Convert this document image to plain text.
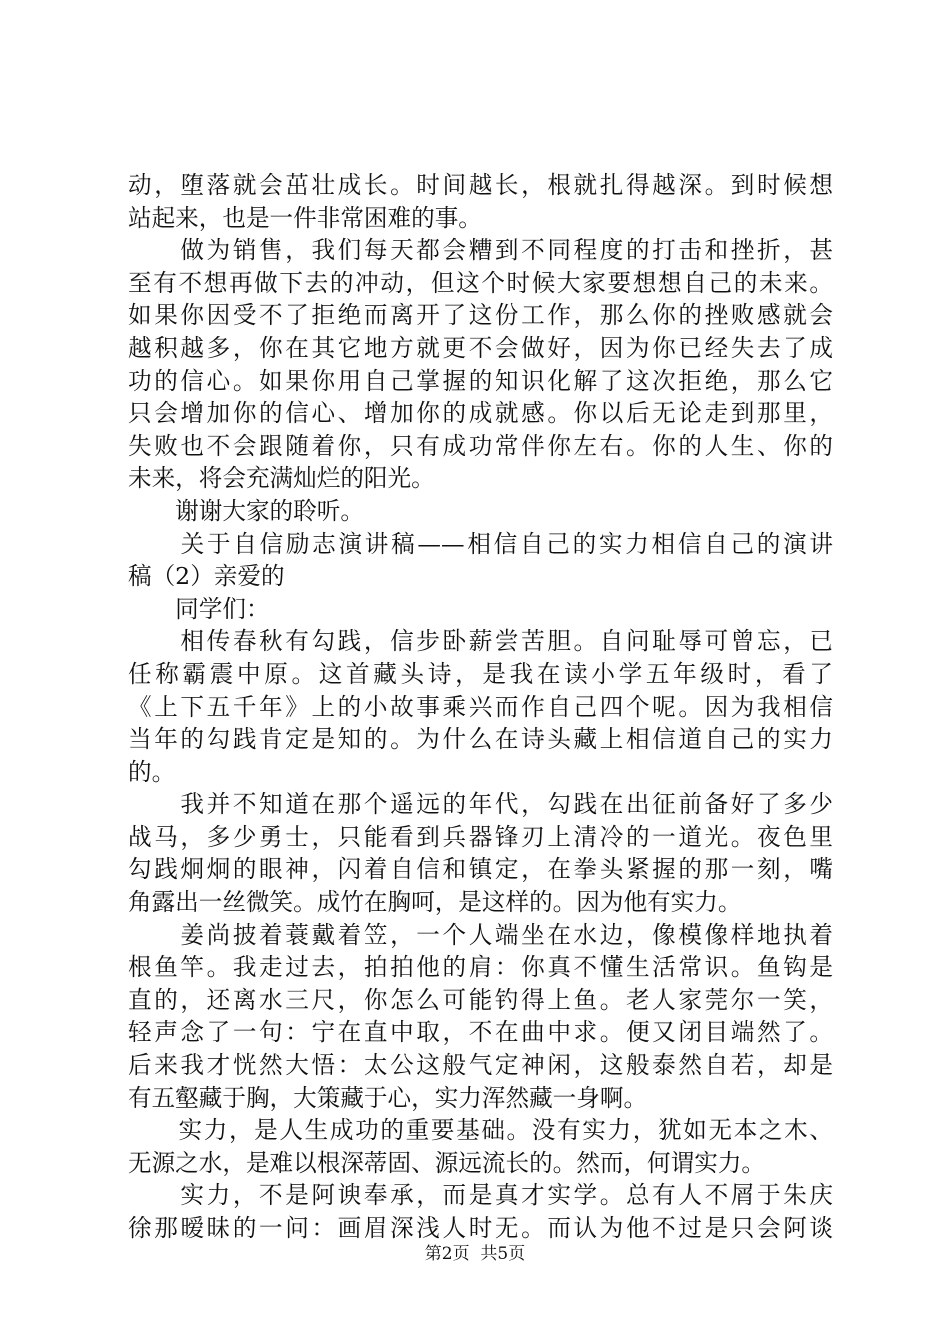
动，堕落就会茁壮成长。时间越长，根就扎得越深。到时候想
站起来，也是一件非常困难的事。
　　做为销售，我们每天都会糟到不同程度的打击和挫折，甚
至有不想再做下去的冲动，但这个时候大家要想想自己的未来。
如果你因受不了拒绝而离开了这份工作，那么你的挫败感就会
越积越多，你在其它地方就更不会做好，因为你已经失去了成
功的信心。如果你用自己掌握的知识化解了这次拒绝，那么它
只会增加你的信心、增加你的成就感。你以后无论走到那里，
失败也不会跟随着你，只有成功常伴你左右。你的人生、你的
未来，将会充满灿烂的阳光。
　　谢谢大家的聆听。
　　关于自信励志演讲稿——相信自己的实力相信自己的演讲
稿（2）亲爱的
　　同学们：
　　相传春秋有勾践，信步卧薪尝苦胆。自问耻辱可曾忘，已
任称霸震中原。这首藏头诗，是我在读小学五年级时，看了
《上下五千年》上的小故事乘兴而作自己四个呢。因为我相信
当年的勾践肯定是知的。为什么在诗头藏上相信道自己的实力
的。
　　我并不知道在那个遥远的年代，勾践在出征前备好了多少
战马，多少勇士，只能看到兵器锋刃上清冷的一道光。夜色里
勾践炯炯的眼神，闪着自信和镇定，在拳头紧握的那一刻，嘴
角露出一丝微笑。成竹在胸呵，是这样的。因为他有实力。
　　姜尚披着蓑戴着笠，一个人端坐在水边，像模像样地执着
根鱼竿。我走过去，拍拍他的肩：你真不懂生活常识。鱼钩是
直的，还离水三尺，你怎么可能钓得上鱼。老人家莞尔一笑，
轻声念了一句：宁在直中取，不在曲中求。便又闭目端然了。
后来我才恍然大悟：太公这般气定神闲，这般泰然自若，却是
有五壑藏于胸，大策藏于心，实力浑然藏一身啊。
　　实力，是人生成功的重要基础。没有实力，犹如无本之木、
无源之水，是难以根深蒂固、源远流长的。然而，何谓实力。
　　实力，不是阿谀奉承，而是真才实学。总有人不屑于朱庆
徐那暧昧的一问：画眉深浅人时无。而认为他不过是只会阿谈
第2页  共5页
